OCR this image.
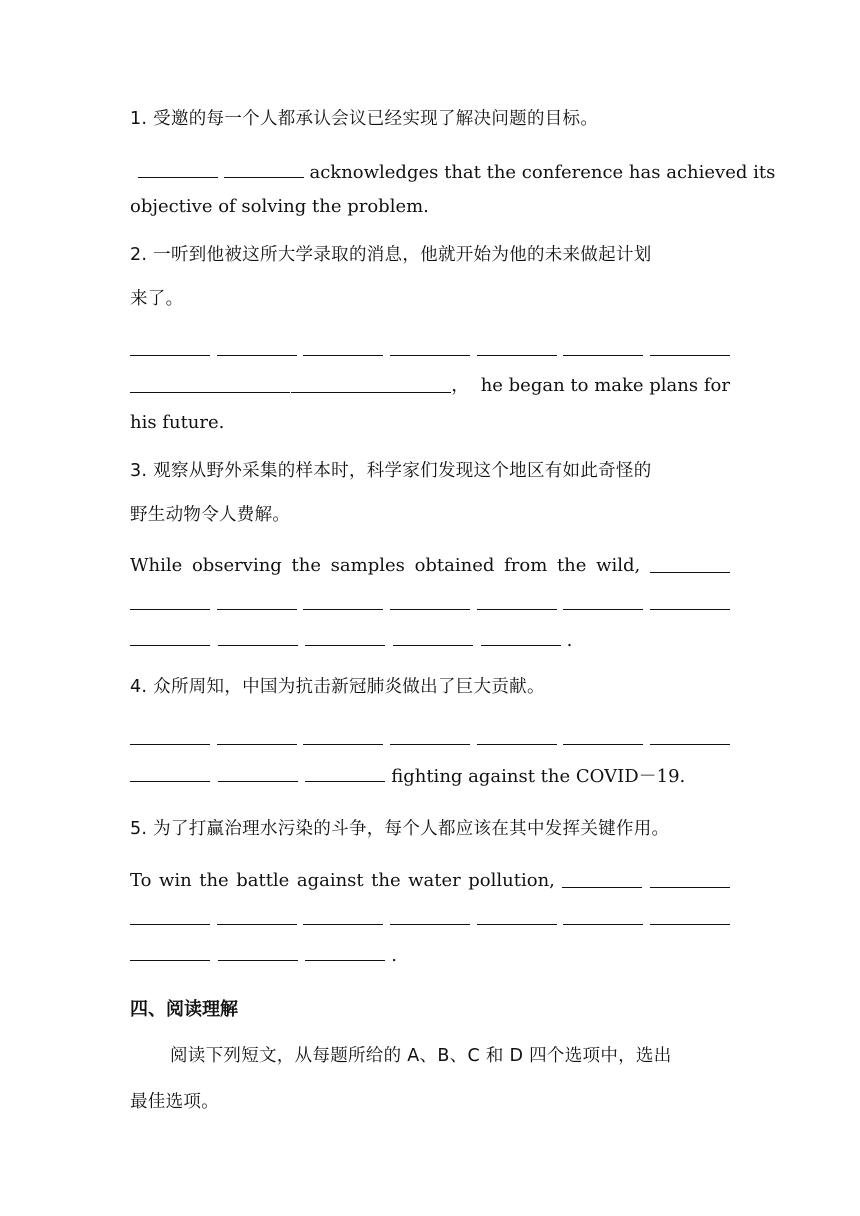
1. 受邀的每一个人都承认会议已经实现了解决问题的目标。
acknowledges that the conference has achieved its
objective of solving the problem.
2. 一听到他被这所大学录取的消息，他就开始为他的未来做起计划
来了。
，  he began to make plans for
his future.
3. 观察从野外采集的样本时，科学家们发现这个地区有如此奇怪的
野生动物令人费解。
While observing the samples obtained from the wild,
.
4. 众所周知，中国为抗击新冠肺炎做出了巨大贡献。
fighting against the COVID－19.
5. 为了打赢治理水污染的斗争，每个人都应该在其中发挥关键作用。
To win the battle against the water pollution,
.
四、阅读理解
阅读下列短文，从每题所给的 A、B、C 和 D 四个选项中，选出
最佳选项。
